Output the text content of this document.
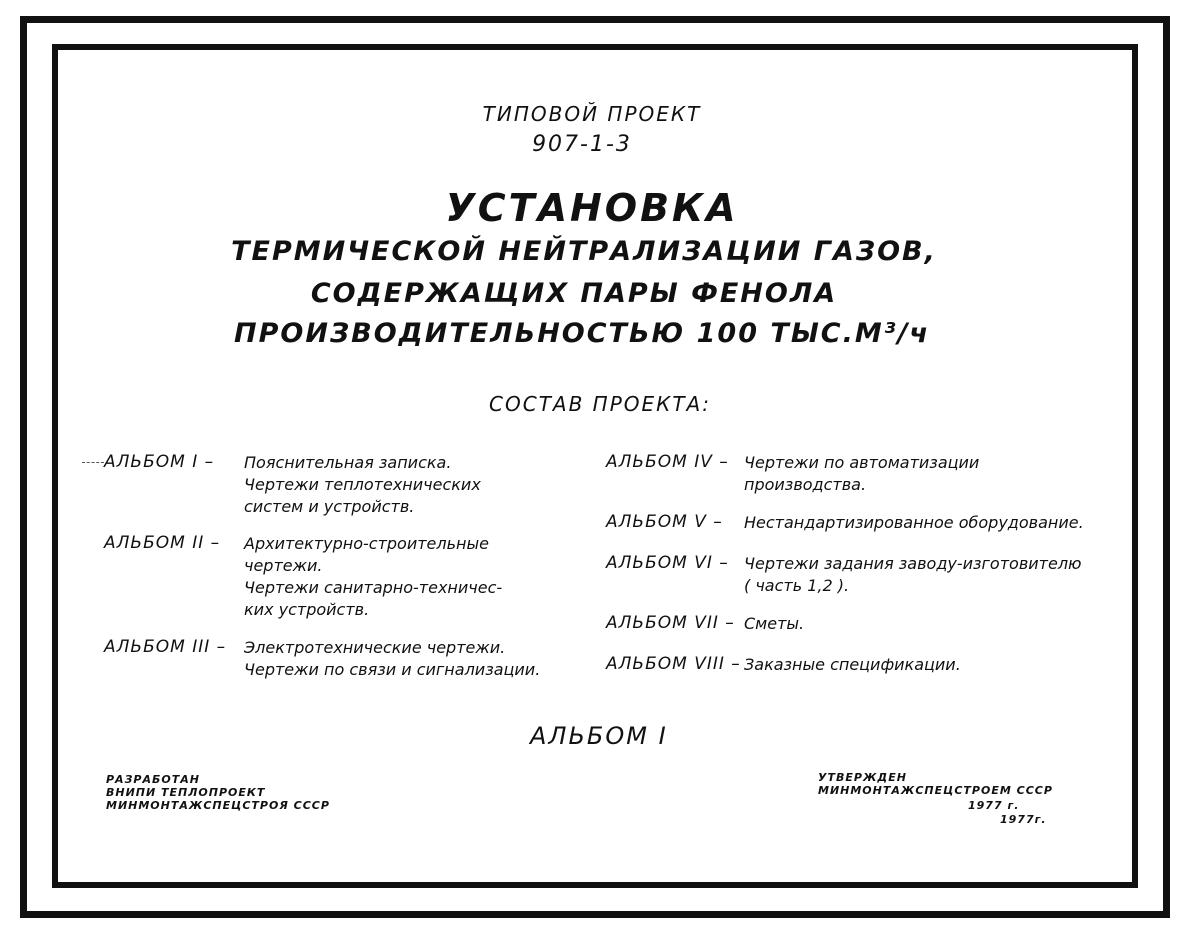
ТИПОВОЙ ПРОЕКТ
907-1-3
УСТАНОВКА
ТЕРМИЧЕСКОЙ НЕЙТРАЛИЗАЦИИ ГАЗОВ,
СОДЕРЖАЩИХ ПАРЫ ФЕНОЛА
ПРОИЗВОДИТЕЛЬНОСТЬЮ 100 ТЫС.М³/ч
СОСТАВ ПРОЕКТА:
АЛЬБОМ I – Пояснительная записка.
Чертежи теплотехнических
систем и устройств.
АЛЬБОМ II – Архитектурно-строительные
чертежи.
Чертежи санитарно-техничес-
ких устройств.
АЛЬБОМ III – Электротехнические чертежи.
Чертежи по связи и сигнализации.
АЛЬБОМ IV – Чертежи по автоматизации
производства.
АЛЬБОМ V – Нестандартизированное оборудование.
АЛЬБОМ VI – Чертежи задания заводу-изготовителю
( часть 1,2 ).
АЛЬБОМ VII – Сметы.
АЛЬБОМ VIII – Заказные спецификации.
АЛЬБОМ I
РАЗРАБОТАН
ВНИПИ ТЕПЛОПРОЕКТ
МИНМОНТАЖСПЕЦСТРОЯ СССР
УТВЕРЖДЕН
МИНМОНТАЖСПЕЦСТРОЕМ СССР
1977 г.
1977г.
